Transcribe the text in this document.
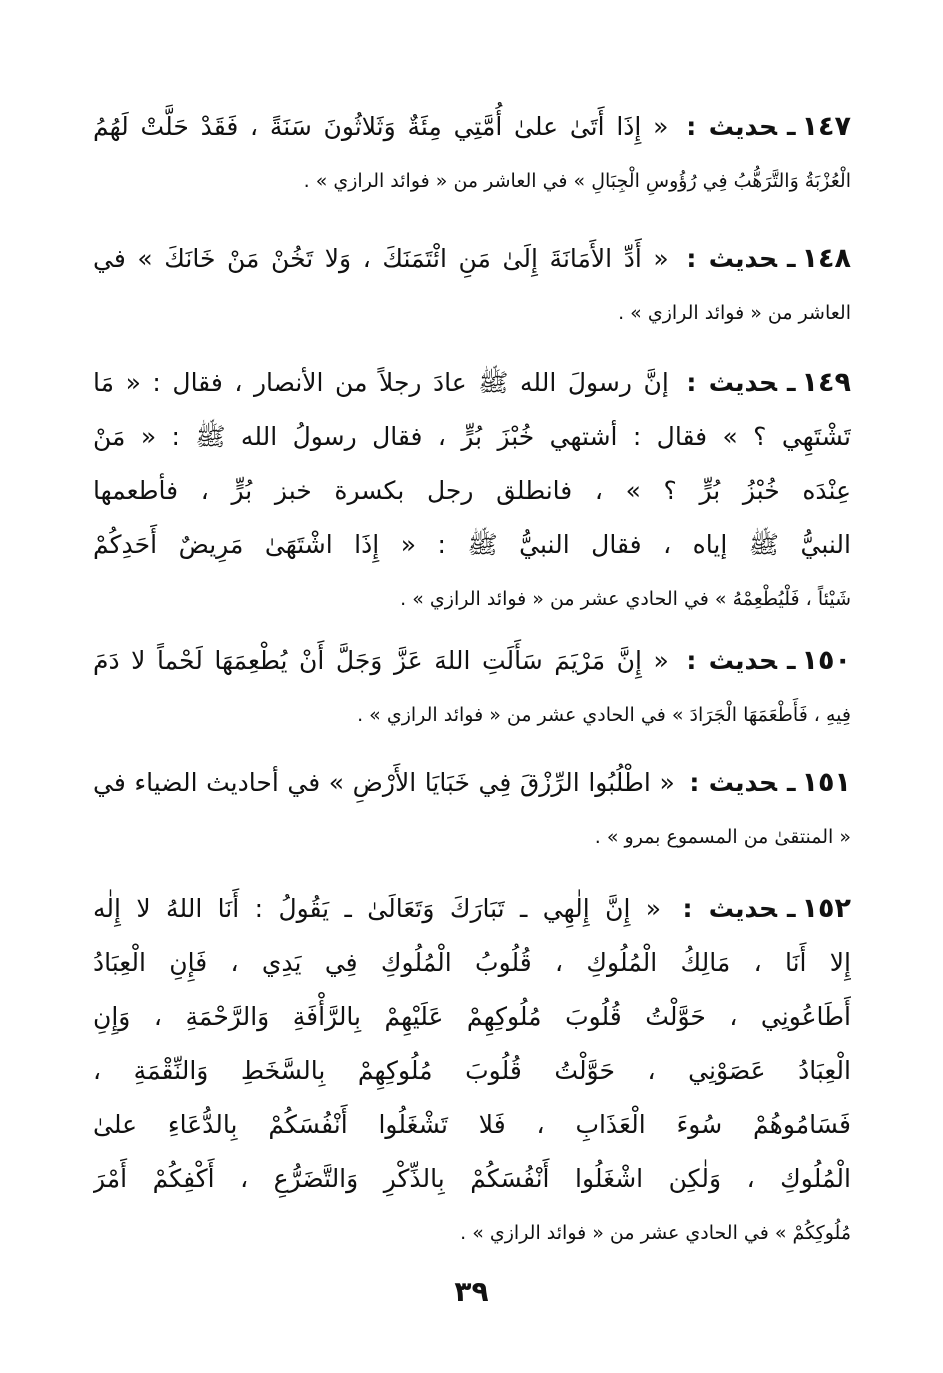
١٤٧ـحديث : « إِذَا أَتَىٰ علىٰ أُمَّتِي مِئَةٌ وَثَلاثُونَ سَنَةً ، فَقَدْ حَلَّتْ لَهُمُ
الْعُزْبَةُ وَالتَّرَهُّبُ فِي رُؤُوسِ الْجِبَالِ » في العاشر من « فوائد الرازي » .
١٤٨ـحديث : « أَدِّ الأَمَانَةَ إِلَىٰ مَنِ ائْتَمَنَكَ ، وَلا تَخُنْ مَنْ خَانَكَ » في
العاشر من « فوائد الرازي » .
١٤٩ـحديث : إنَّ رسولَ الله ﷺ عادَ رجلاً من الأنصار ، فقال : « مَا
تَشْتَهِي ؟ » فقال : أشتهي خُبْزَ بُرٍّ ، فقال رسولُ الله ﷺ : « مَنْ
عِنْدَه خُبْزُ بُرٍّ ؟ » ، فانطلق رجل بكسرة خبز بُرٍّ ، فأطعمها
النبيُّ ﷺ إياه ، فقال النبيُّ ﷺ : « إِذَا اشْتَهَىٰ مَرِيضٌ أَحَدِكُمْ
شَيْئاً ، فَلْيُطْعِمْهُ » في الحادي عشر من « فوائد الرازي » .
١٥٠ـحديث : « إِنَّ مَرْيَمَ سَأَلَتِ اللهَ عَزَّ وَجَلَّ أَنْ يُطْعِمَهَا لَحْماً لا دَمَ
فِيهِ ، فَأَطْعَمَهَا الْجَرَادَ » في الحادي عشر من « فوائد الرازي » .
١٥١ـحديث : « اطْلُبُوا الرِّزْقَ فِي خَبَايَا الأَرْضِ » في أحاديث الضياء في
« المنتقىٰ من المسموع بمرو » .
١٥٢ـحديث : « إِنَّ إِلٰهِي ـ تَبَارَكَ وَتَعَالَىٰ ـ يَقُولُ : أَنَا اللهُ لا إِلٰه
إِلا أَنَا ، مَالِكُ الْمُلُوكِ ، قُلُوبُ الْمُلُوكِ فِي يَدِي ، فَإِنِ الْعِبَادُ
أَطَاعُونِي ، حَوَّلْتُ قُلُوبَ مُلُوكِهِمْ عَلَيْهِمْ بِالرَّأْفَةِ وَالرَّحْمَةِ ، وَإِنِ
الْعِبَادُ عَصَوْنِي ، حَوَّلْتُ قُلُوبَ مُلُوكِهِمْ بِالسَّخَطِ وَالنِّقْمَةِ ،
فَسَامُوهُمْ سُوءَ الْعَذَابِ ، فَلا تَشْغَلُوا أَنْفُسَكُمْ بِالدُّعَاءِ علىٰ
الْمُلُوكِ ، وَلٰكِن اشْغَلُوا أَنْفُسَكُمْ بِالذِّكْرِ وَالتَّضَرُّعِ ، أَكْفِكُمْ أَمْرَ
مُلُوكِكُمْ » في الحادي عشر من « فوائد الرازي » .
٣٩
